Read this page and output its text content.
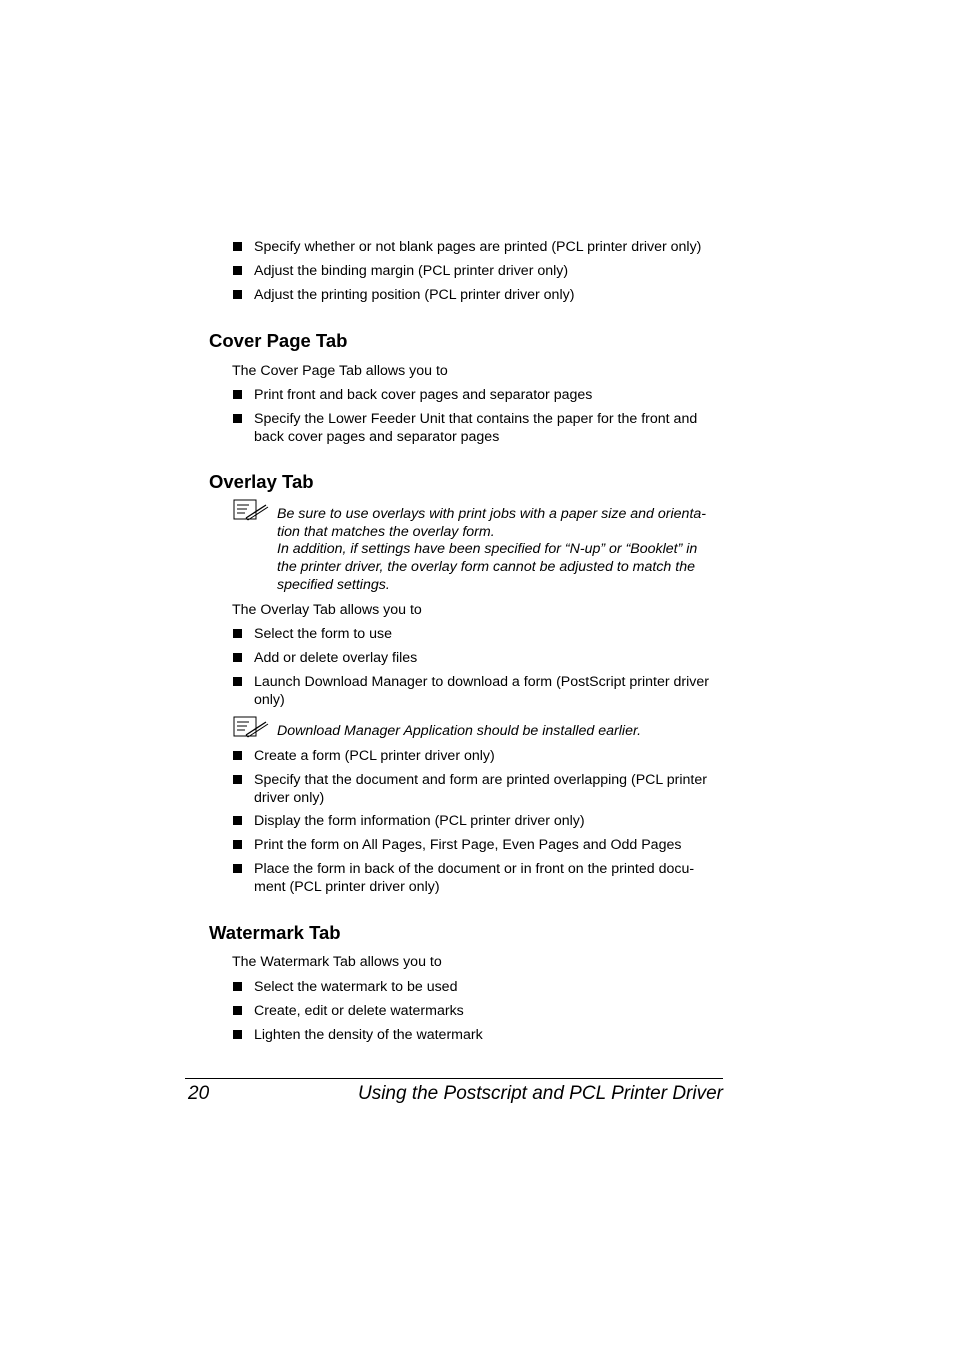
Specify whether or not blank pages are printed (PCL printer driver only)
Adjust the binding margin (PCL printer driver only)
Adjust the printing position (PCL printer driver only)
Cover Page Tab
The Cover Page Tab allows you to
Print front and back cover pages and separator pages
Specify the Lower Feeder Unit that contains the paper for the front and
back cover pages and separator pages
Overlay Tab
Be sure to use overlays with print jobs with a paper size and orienta-
tion that matches the overlay form.
In addition, if settings have been specified for “N-up” or “Booklet” in
the printer driver, the overlay form cannot be adjusted to match the
specified settings.
The Overlay Tab allows you to
Select the form to use
Add or delete overlay files
Launch Download Manager to download a form (PostScript printer driver
only)
Download Manager Application should be installed earlier.
Create a form (PCL printer driver only)
Specify that the document and form are printed overlapping (PCL printer
driver only)
Display the form information (PCL printer driver only)
Print the form on All Pages, First Page, Even Pages and Odd Pages
Place the form in back of the document or in front on the printed docu-
ment (PCL printer driver only)
Watermark Tab
The Watermark Tab allows you to
Select the watermark to be used
Create, edit or delete watermarks
Lighten the density of the watermark
20	Using the Postscript and PCL Printer Driver
